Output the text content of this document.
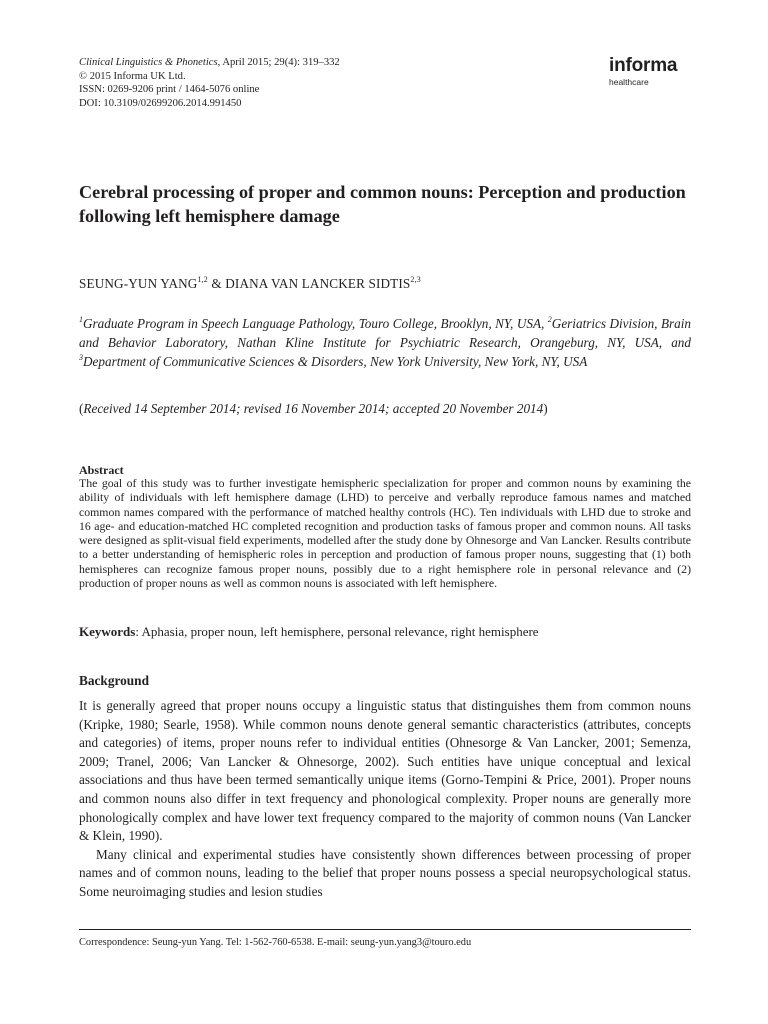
Clinical Linguistics & Phonetics, April 2015; 29(4): 319–332
© 2015 Informa UK Ltd.
ISSN: 0269-9206 print / 1464-5076 online
DOI: 10.3109/02699206.2014.991450
informa
healthcare
Cerebral processing of proper and common nouns: Perception and production following left hemisphere damage
SEUNG-YUN YANG$^{1,2}$ & DIANA VAN LANCKER SIDTIS$^{2,3}$
$^1$Graduate Program in Speech Language Pathology, Touro College, Brooklyn, NY, USA, $^2$Geriatrics Division, Brain and Behavior Laboratory, Nathan Kline Institute for Psychiatric Research, Orangeburg, NY, USA, and $^3$Department of Communicative Sciences & Disorders, New York University, New York, NY, USA
(Received 14 September 2014; revised 16 November 2014; accepted 20 November 2014)
Abstract
The goal of this study was to further investigate hemispheric specialization for proper and common nouns by examining the ability of individuals with left hemisphere damage (LHD) to perceive and verbally reproduce famous names and matched common names compared with the performance of matched healthy controls (HC). Ten individuals with LHD due to stroke and 16 age- and education-matched HC completed recognition and production tasks of famous proper and common nouns. All tasks were designed as split-visual field experiments, modelled after the study done by Ohnesorge and Van Lancker. Results contribute to a better understanding of hemispheric roles in perception and production of famous proper nouns, suggesting that (1) both hemispheres can recognize famous proper nouns, possibly due to a right hemisphere role in personal relevance and (2) production of proper nouns as well as common nouns is associated with left hemisphere.
Keywords: Aphasia, proper noun, left hemisphere, personal relevance, right hemisphere
Background

It is generally agreed that proper nouns occupy a linguistic status that distinguishes them from common nouns (Kripke, 1980; Searle, 1958). While common nouns denote general semantic characteristics (attributes, concepts and categories) of items, proper nouns refer to individual entities (Ohnesorge & Van Lancker, 2001; Semenza, 2009; Tranel, 2006; Van Lancker & Ohnesorge, 2002). Such entities have unique conceptual and lexical associations and thus have been termed semantically unique items (Gorno-Tempini & Price, 2001). Proper nouns and common nouns also differ in text frequency and phonological complexity. Proper nouns are generally more phonologically complex and have lower text frequency compared to the majority of common nouns (Van Lancker & Klein, 1990).

Many clinical and experimental studies have consistently shown differences between processing of proper names and of common nouns, leading to the belief that proper nouns possess a special neuropsychological status. Some neuroimaging studies and lesion studies

Correspondence: Seung-yun Yang. Tel: 1-562-760-6538. E-mail: seung-yun.yang3@touro.edu
